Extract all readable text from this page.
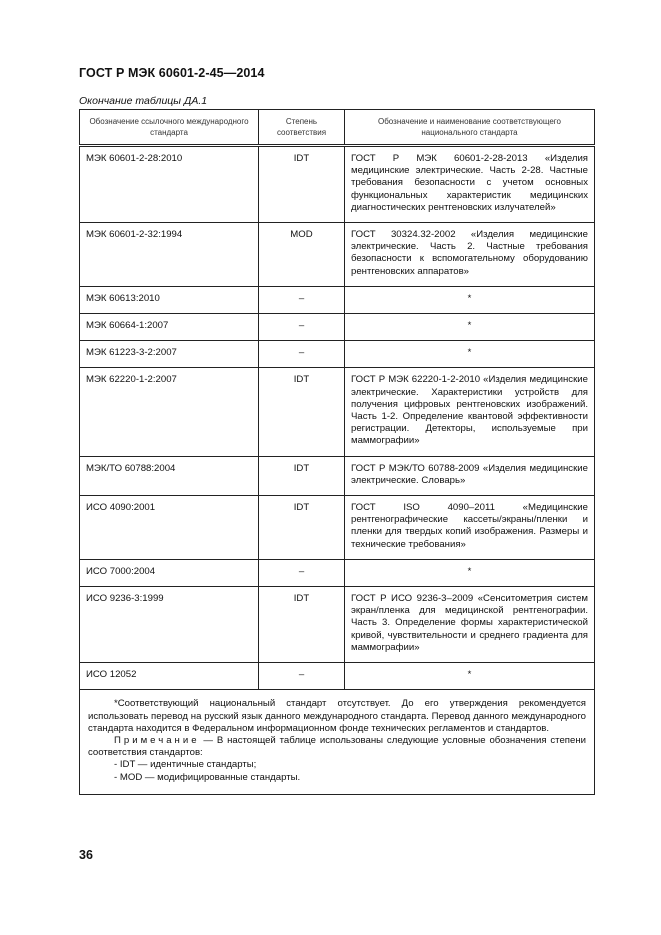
ГОСТ Р МЭК 60601-2-45—2014
Окончание таблицы ДА.1
Обозначение ссылочного международного стандарта	Степень соответствия	Обозначение и наименование соответствующего национального стандарта
МЭК 60601-2-28:2010	IDT	ГОСТ Р МЭК 60601-2-28-2013 «Изделия медицинские электрические. Часть 2-28. Частные требования безопасности с учетом основных функциональных характеристик медицинских диагностических рентгеновских излучателей»
МЭК 60601-2-32:1994	MOD	ГОСТ 30324.32-2002 «Изделия медицинские электрические. Часть 2. Частные требования безопасности к вспомогательному оборудованию рентгеновских аппаратов»
МЭК 60613:2010	–	*
МЭК 60664-1:2007	–	*
МЭК 61223-3-2:2007	–	*
МЭК 62220-1-2:2007	IDT	ГОСТ Р МЭК 62220-1-2-2010 «Изделия медицинские электрические. Характеристики устройств для получения цифровых рентгеновских изображений. Часть 1-2. Определение квантовой эффективности регистрации. Детекторы, используемые при маммографии»
МЭК/ТО 60788:2004	IDT	ГОСТ Р МЭК/ТО 60788-2009 «Изделия медицинские электрические. Словарь»
ИСО 4090:2001	IDT	ГОСТ ISO 4090–2011 «Медицинские рентгенографические кассеты/экраны/пленки и пленки для твердых копий изображения. Размеры и технические требования»
ИСО 7000:2004	–	*
ИСО 9236-3:1999	IDT	ГОСТ Р ИСО 9236-3–2009 «Сенситометрия систем экран/пленка для медицинской рентгенографии. Часть 3. Определение формы характеристической кривой, чувствительности и среднего градиента для маммографии»
ИСО 12052	–	*

*Соответствующий национальный стандарт отсутствует. До его утверждения рекомендуется использовать перевод на русский язык данного международного стандарта. Перевод данного международного стандарта находится в Федеральном информационном фонде технических регламентов и стандартов.

Примечание — В настоящей таблице использованы следующие условные обозначения степени соответствия стандартов:

- IDT — идентичные стандарты;

- MOD — модифицированные стандарты.		

36
